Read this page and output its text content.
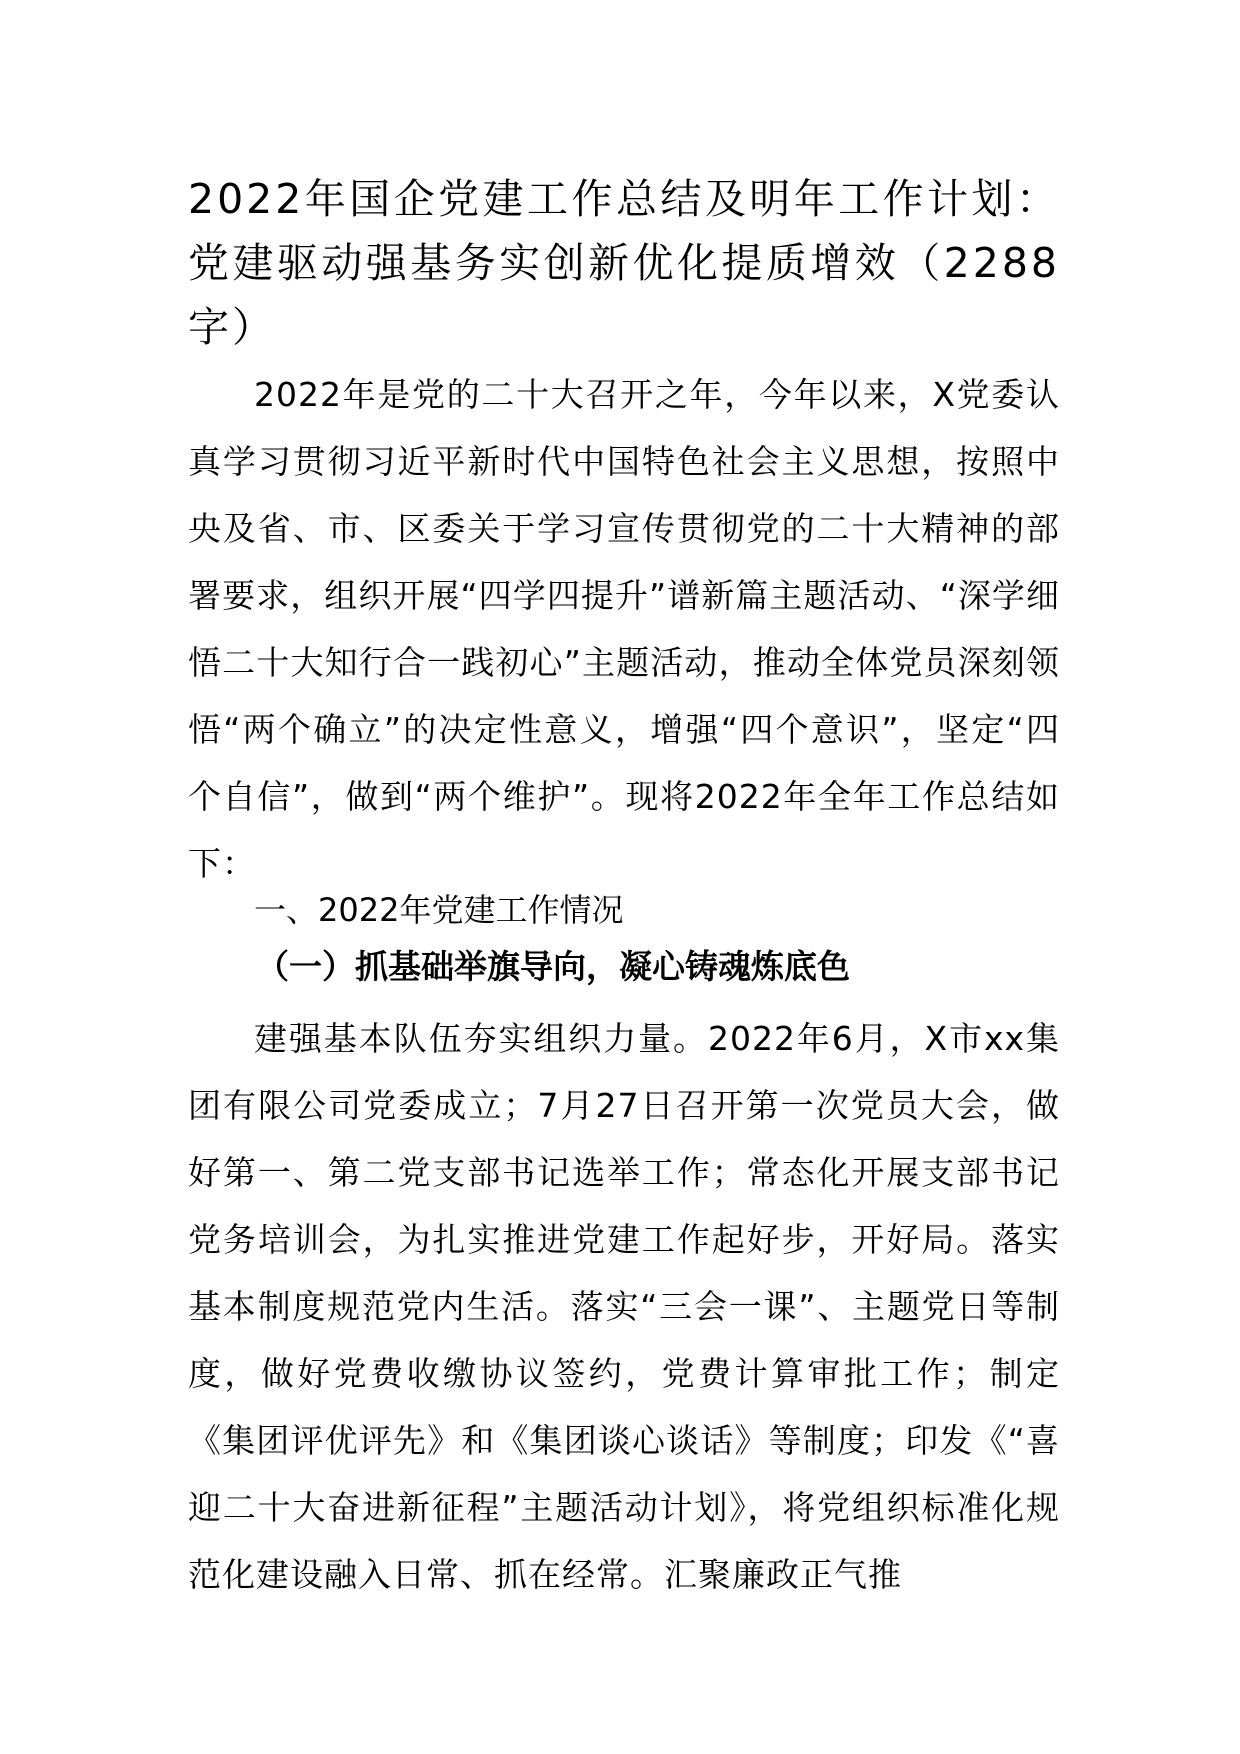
2022年国企党建工作总结及明年工作计划：党建驱动强基务实创新优化提质增效（2288字）

2022年是党的二十大召开之年，今年以来，X党委认真学习贯彻习近平新时代中国特色社会主义思想，按照中央及省、市、区委关于学习宣传贯彻党的二十大精神的部署要求，组织开展“四学四提升”谱新篇主题活动、“深学细悟二十大知行合一践初心”主题活动，推动全体党员深刻领悟“两个确立”的决定性意义，增强“四个意识”，坚定“四个自信”，做到“两个维护”。现将2022年全年工作总结如下：

一、2022年党建工作情况

（一）抓基础举旗导向，凝心铸魂炼底色

建强基本队伍夯实组织力量。2022年6月，X市xx集团有限公司党委成立；7月27日召开第一次党员大会，做好第一、第二党支部书记选举工作；常态化开展支部书记党务培训会，为扎实推进党建工作起好步，开好局。落实基本制度规范党内生活。落实“三会一课”、主题党日等制度，做好党费收缴协议签约，党费计算审批工作；制定《集团评优评先》和《集团谈心谈话》等制度；印发《“喜迎二十大奋进新征程”主题活动计划》，将党组织标准化规范化建设融入日常、抓在经常。汇聚廉政正气推
